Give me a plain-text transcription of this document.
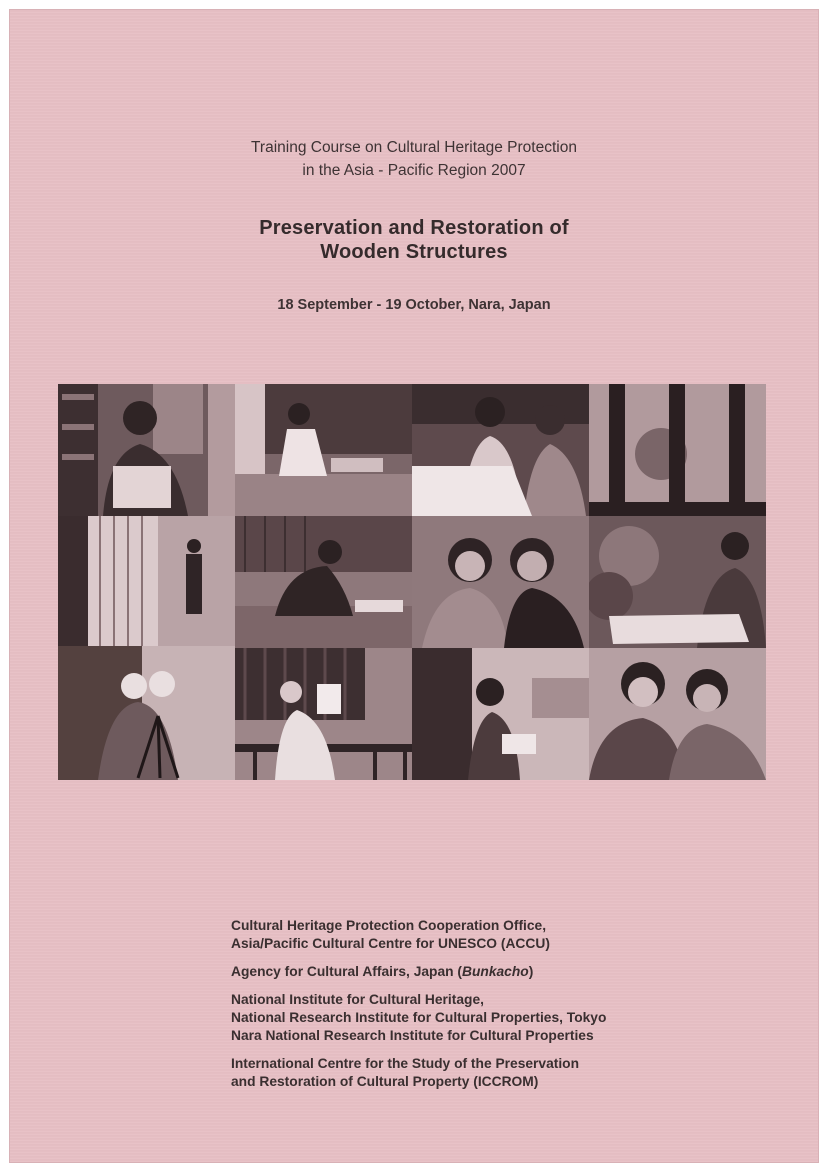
Training Course on Cultural Heritage Protection
in the Asia - Pacific Region 2007
Preservation and Restoration of
Wooden Structures
18 September - 19 October, Nara, Japan
Cultural Heritage Protection Cooperation Office,
Asia/Pacific Cultural Centre for UNESCO (ACCU)
Agency for Cultural Affairs, Japan (Bunkacho)
National Institute for Cultural Heritage,
National Research Institute for Cultural Properties, Tokyo
Nara National Research Institute for Cultural Properties
International Centre for the Study of the Preservation
and Restoration of Cultural Property (ICCROM)
